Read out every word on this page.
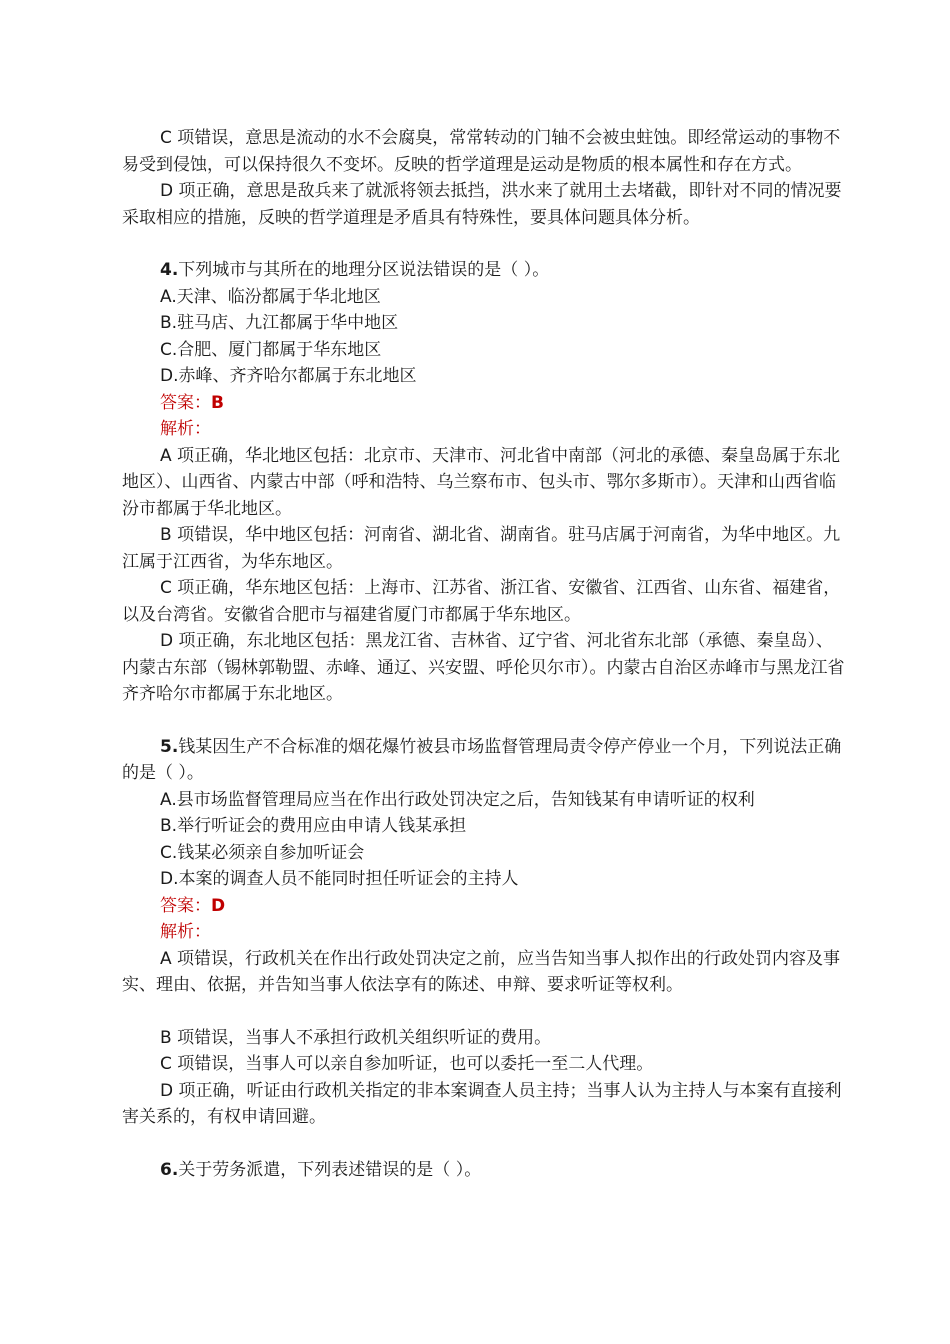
C 项错误，意思是流动的水不会腐臭，常常转动的门轴不会被虫蛀蚀。即经常运动的事物不易受到侵蚀，可以保持很久不变坏。反映的哲学道理是运动是物质的根本属性和存在方式。

D 项正确，意思是敌兵来了就派将领去抵挡，洪水来了就用土去堵截，即针对不同的情况要采取相应的措施，反映的哲学道理是矛盾具有特殊性，要具体问题具体分析。

4.下列城市与其所在的地理分区说法错误的是（ ）。

A.天津、临汾都属于华北地区

B.驻马店、九江都属于华中地区

C.合肥、厦门都属于华东地区

D.赤峰、齐齐哈尔都属于东北地区

答案：B

解析：

A 项正确，华北地区包括：北京市、天津市、河北省中南部（河北的承德、秦皇岛属于东北地区）、山西省、内蒙古中部（呼和浩特、乌兰察布市、包头市、鄂尔多斯市）。天津和山西省临汾市都属于华北地区。

B 项错误，华中地区包括：河南省、湖北省、湖南省。驻马店属于河南省，为华中地区。九江属于江西省，为华东地区。

C 项正确，华东地区包括：上海市、江苏省、浙江省、安徽省、江西省、山东省、福建省，以及台湾省。安徽省合肥市与福建省厦门市都属于华东地区。

D 项正确，东北地区包括：黑龙江省、吉林省、辽宁省、河北省东北部（承德、秦皇岛）、内蒙古东部（锡林郭勒盟、赤峰、通辽、兴安盟、呼伦贝尔市）。内蒙古自治区赤峰市与黑龙江省齐齐哈尔市都属于东北地区。

5.钱某因生产不合标准的烟花爆竹被县市场监督管理局责令停产停业一个月，下列说法正确的是（ ）。

A.县市场监督管理局应当在作出行政处罚决定之后，告知钱某有申请听证的权利

B.举行听证会的费用应由申请人钱某承担

C.钱某必须亲自参加听证会

D.本案的调查人员不能同时担任听证会的主持人

答案：D

解析：

A 项错误，行政机关在作出行政处罚决定之前，应当告知当事人拟作出的行政处罚内容及事实、理由、依据，并告知当事人依法享有的陈述、申辩、要求听证等权利。

B 项错误，当事人不承担行政机关组织听证的费用。

C 项错误，当事人可以亲自参加听证，也可以委托一至二人代理。

D 项正确，听证由行政机关指定的非本案调查人员主持；当事人认为主持人与本案有直接利害关系的，有权申请回避。

6.关于劳务派遣，下列表述错误的是（ ）。
